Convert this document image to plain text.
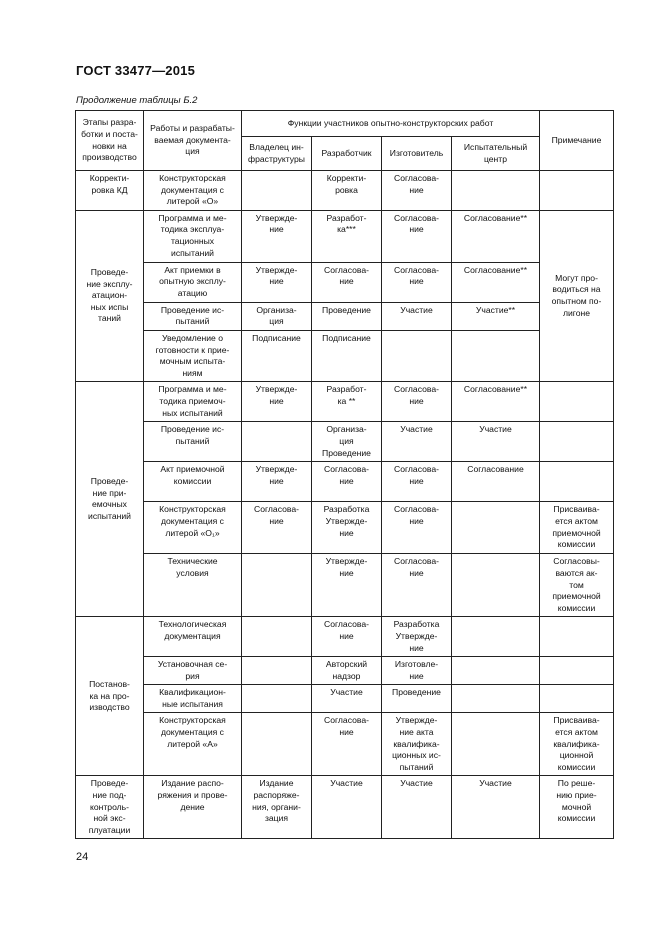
ГОСТ 33477—2015
Продолжение таблицы Б.2
Этапы разра-
ботки и поста-
новки на
производство	Работы и разрабаты-
ваемая документа-
ция	Функции участников опытно-конструкторских работ				Примечание
		Владелец ин-
фраструктуры	Разработчик	Изготовитель	Испытательный
центр	
Корректи-
ровка КД	Конструкторская
документация с
литерой «О»		Корректи-
ровка	Согласова-
ние		
Проведе-
ние эксплу-
атацион-
ных испы
таний	Программа и ме-
тодика эксплуа-
тационных
испытаний	Утвержде-
ние	Разработ-
ка***	Согласова-
ние	Согласование**	Могут про-
водиться на
опытном по-
лигоне
	Акт приемки в
опытную эксплу-
атацию	Утвержде-
ние	Согласова-
ние	Согласова-
ние	Согласование**	
	Проведение ис-
пытаний	Организа-
ция	Проведение	Участие	Участие**	
	Уведомление о
готовности к прие-
мочным испыта-
ниям	Подписание	Подписание			
Проведе-
ние при-
емочных
испытаний	Программа и ме-
тодика приемоч-
ных испытаний	Утвержде-
ние	Разработ-
ка **	Согласова-
ние	Согласование**	
	Проведение ис-
пытаний		Организа-
ция
Проведение	Участие	Участие	
	Акт приемочной
комиссии	Утвержде-
ние	Согласова-
ние	Согласова-
ние	Согласование	
	Конструкторская
документация с
литерой «О₁»	Согласова-
ние	Разработка
Утвержде-
ние	Согласова-
ние		Присваива-
ется актом
приемочной
комиссии
	Технические
условия		Утвержде-
ние	Согласова-
ние		Согласовы-
ваются ак-
том
приемочной
комиссии
Постанов-
ка на про-
изводство	Технологическая
документация		Согласова-
ние	Разработка
Утвержде-
ние		
	Установочная се-
рия		Авторский
надзор	Изготовле-
ние		
	Квалификацион-
ные испытания		Участие	Проведение		
	Конструкторская
документация с
литерой «А»		Согласова-
ние	Утвержде-
ние акта
квалифика-
ционных ис-
пытаний		Присваива-
ется актом
квалифика-
ционной
комиссии
Проведе-
ние под-
контроль-
ной экс-
плуатации	Издание распо-
ряжения и прове-
дение	Издание
распоряже-
ния, органи-
зация	Участие	Участие	Участие	По реше-
нию прие-
мочной
комиссии
24
